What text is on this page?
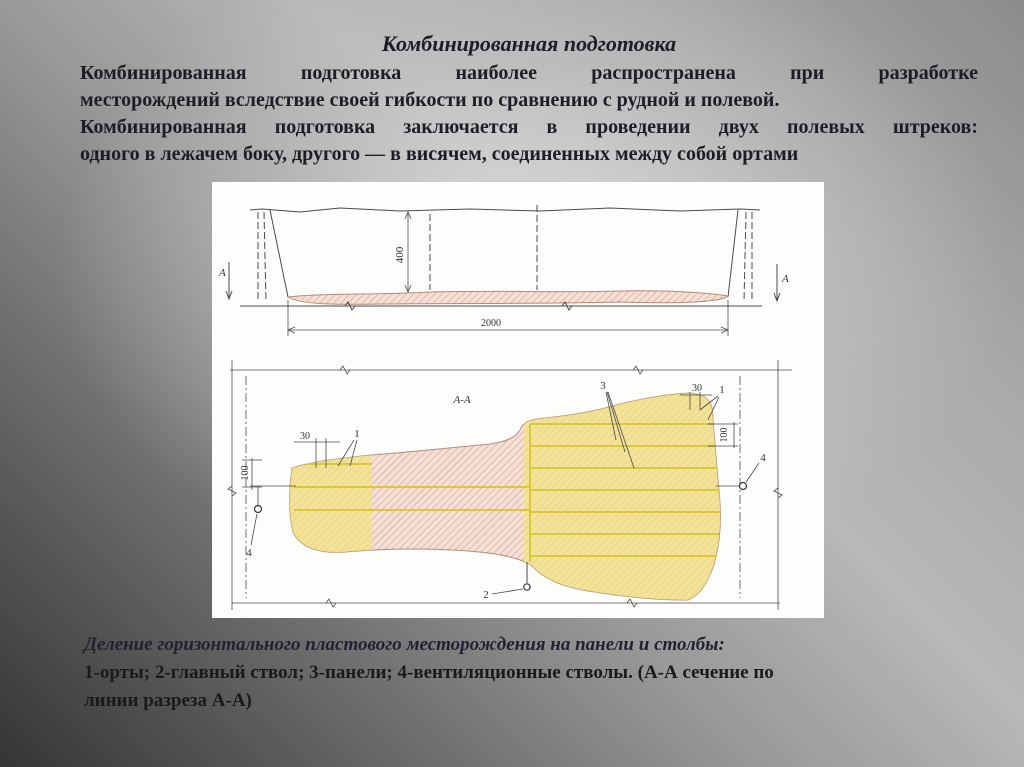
Комбинированная подготовка
Комбинированная подготовка наиболее распространена при разработке
месторождений вследствие своей гибкости по сравнению с рудной и полевой.
Комбинированная подготовка заключается в проведении двух полевых штреков:
одного в лежачем боку, другого — в висячем, соединенных между собой ортами
400
2000
А	А
А-А
2
4
4
30
100
30
100
1
1
3
Деление горизонтального пластового месторождения на панели и столбы:
1-орты; 2-главный ствол; 3-панели; 4-вентиляционные стволы. (А-А сечение по
линии разреза А-А)
